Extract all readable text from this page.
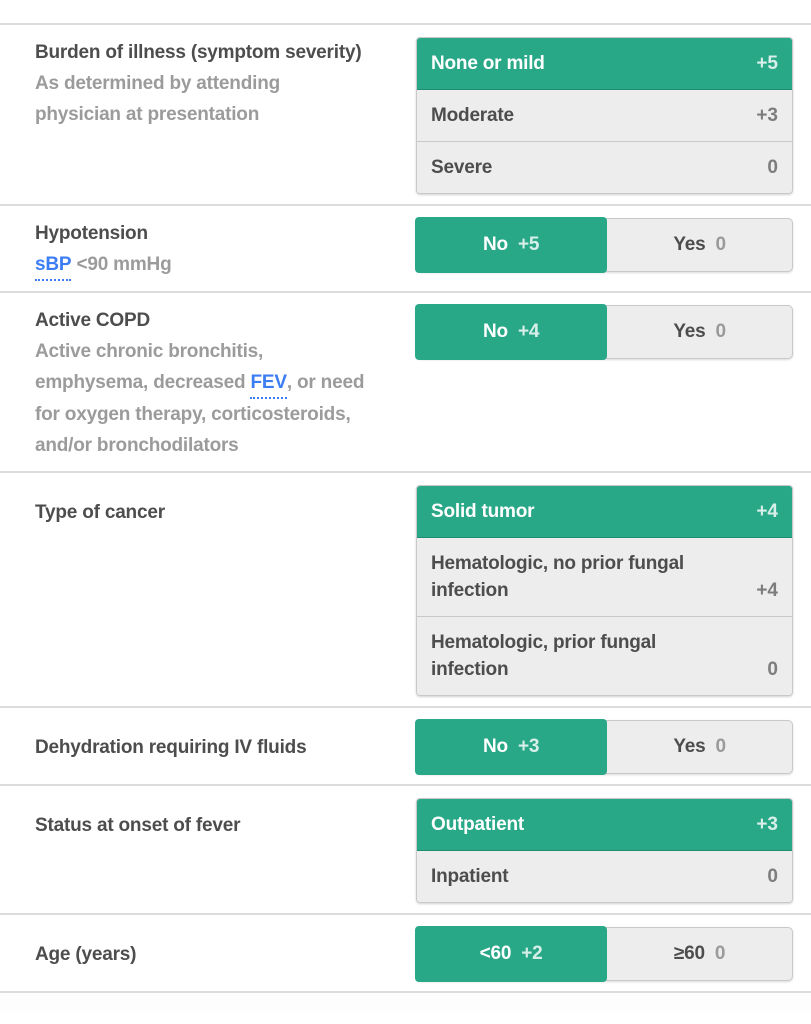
Burden of illness (symptom severity)
As determined by attending physician at presentation
None or mild	+5
Moderate	+3
Severe	0
Hypotension
sBP <90 mmHg
No +5	Yes 0
Active COPD
Active chronic bronchitis, emphysema, decreased FEV, or need for oxygen therapy, corticosteroids, and/or bronchodilators
No +4	Yes 0
Type of cancer	Solid tumor	+4
Hematologic, no prior fungal infection	+4
Hematologic, prior fungal infection	0
Dehydration requiring IV fluids	No +3	Yes 0
Status at onset of fever	Outpatient	+3
Inpatient	0
Age (years)	<60 +2	≥60 0
